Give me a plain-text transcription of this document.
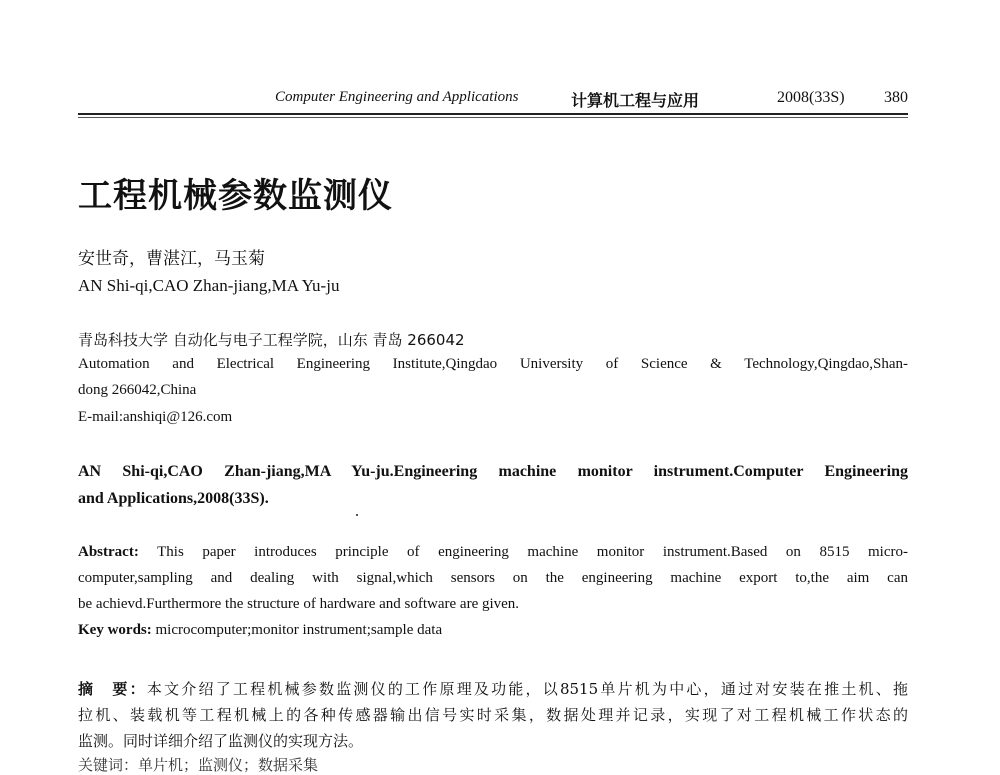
Computer Engineering and Applications	计算机工程与应用	2008(33S) 380
工程机械参数监测仪
安世奇，曹湛江，马玉菊
AN Shi-qi,CAO Zhan-jiang,MA Yu-ju
青岛科技大学 自动化与电子工程学院，山东 青岛 266042
Automation and Electrical Engineering Institute,Qingdao University of Science & Technology,Qingdao,Shan-
dong 266042,China
E-mail:anshiqi@126.com
AN Shi-qi,CAO Zhan-jiang,MA Yu-ju.Engineering machine monitor instrument.Computer Engineering
and Applications,2008(33S).
Abstract: This paper introduces principle of engineering machine monitor instrument.Based on 8515 micro-
computer,sampling and dealing with signal,which sensors on the engineering machine export to,the aim can
be achievd.Furthermore the structure of hardware and software are given.
Key words: microcomputer;monitor instrument;sample data
摘　要：本文介绍了工程机械参数监测仪的工作原理及功能，以8515单片机为中心，通过对安装在推土机、拖
拉机、装载机等工程机械上的各种传感器输出信号实时采集，数据处理并记录，实现了对工程机械工作状态的
监测。同时详细介绍了监测仪的实现方法。
关键词：单片机；监测仪；数据采集
